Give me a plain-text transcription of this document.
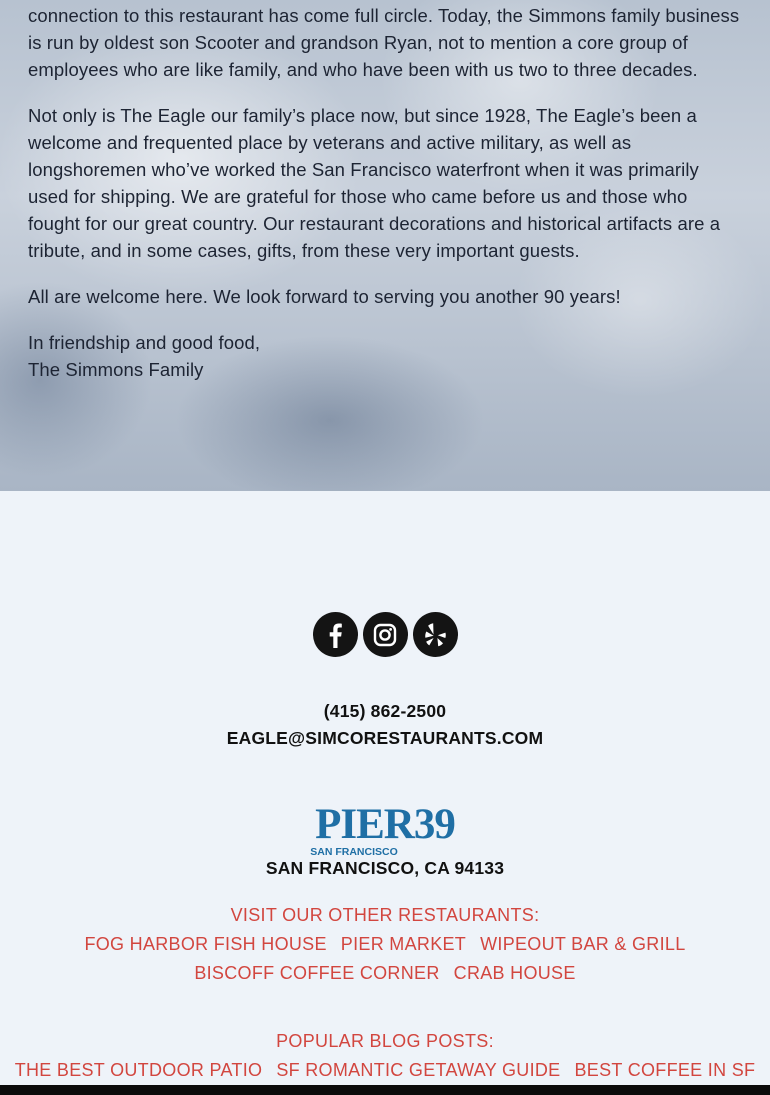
connection to this restaurant has come full circle. Today, the Simmons family business is run by oldest son Scooter and grandson Ryan, not to mention a core group of employees who are like family, and who have been with us two to three decades.

Not only is The Eagle our family’s place now, but since 1928, The Eagle’s been a welcome and frequented place by veterans and active military, as well as longshoremen who’ve worked the San Francisco waterfront when it was primarily used for shipping. We are grateful for those who came before us and those who fought for our great country. Our restaurant decorations and historical artifacts are a tribute, and in some cases, gifts, from these very important guests.

All are welcome here. We look forward to serving you another 90 years!

In friendship and good food,
The Simmons Family

(415) 862-2500
EAGLE@SIMCORESTAURANTS.COM
PIER39
SAN FRANCISCO
SAN FRANCISCO, CA 94133
VISIT OUR OTHER RESTAURANTS:
FOG HARBOR FISH HOUSE PIER MARKET WIPEOUT BAR & GRILL
BISCOFF COFFEE CORNER CRAB HOUSE
POPULAR BLOG POSTS:
THE BEST OUTDOOR PATIO SF ROMANTIC GETAWAY GUIDE BEST COFFEE IN SF
